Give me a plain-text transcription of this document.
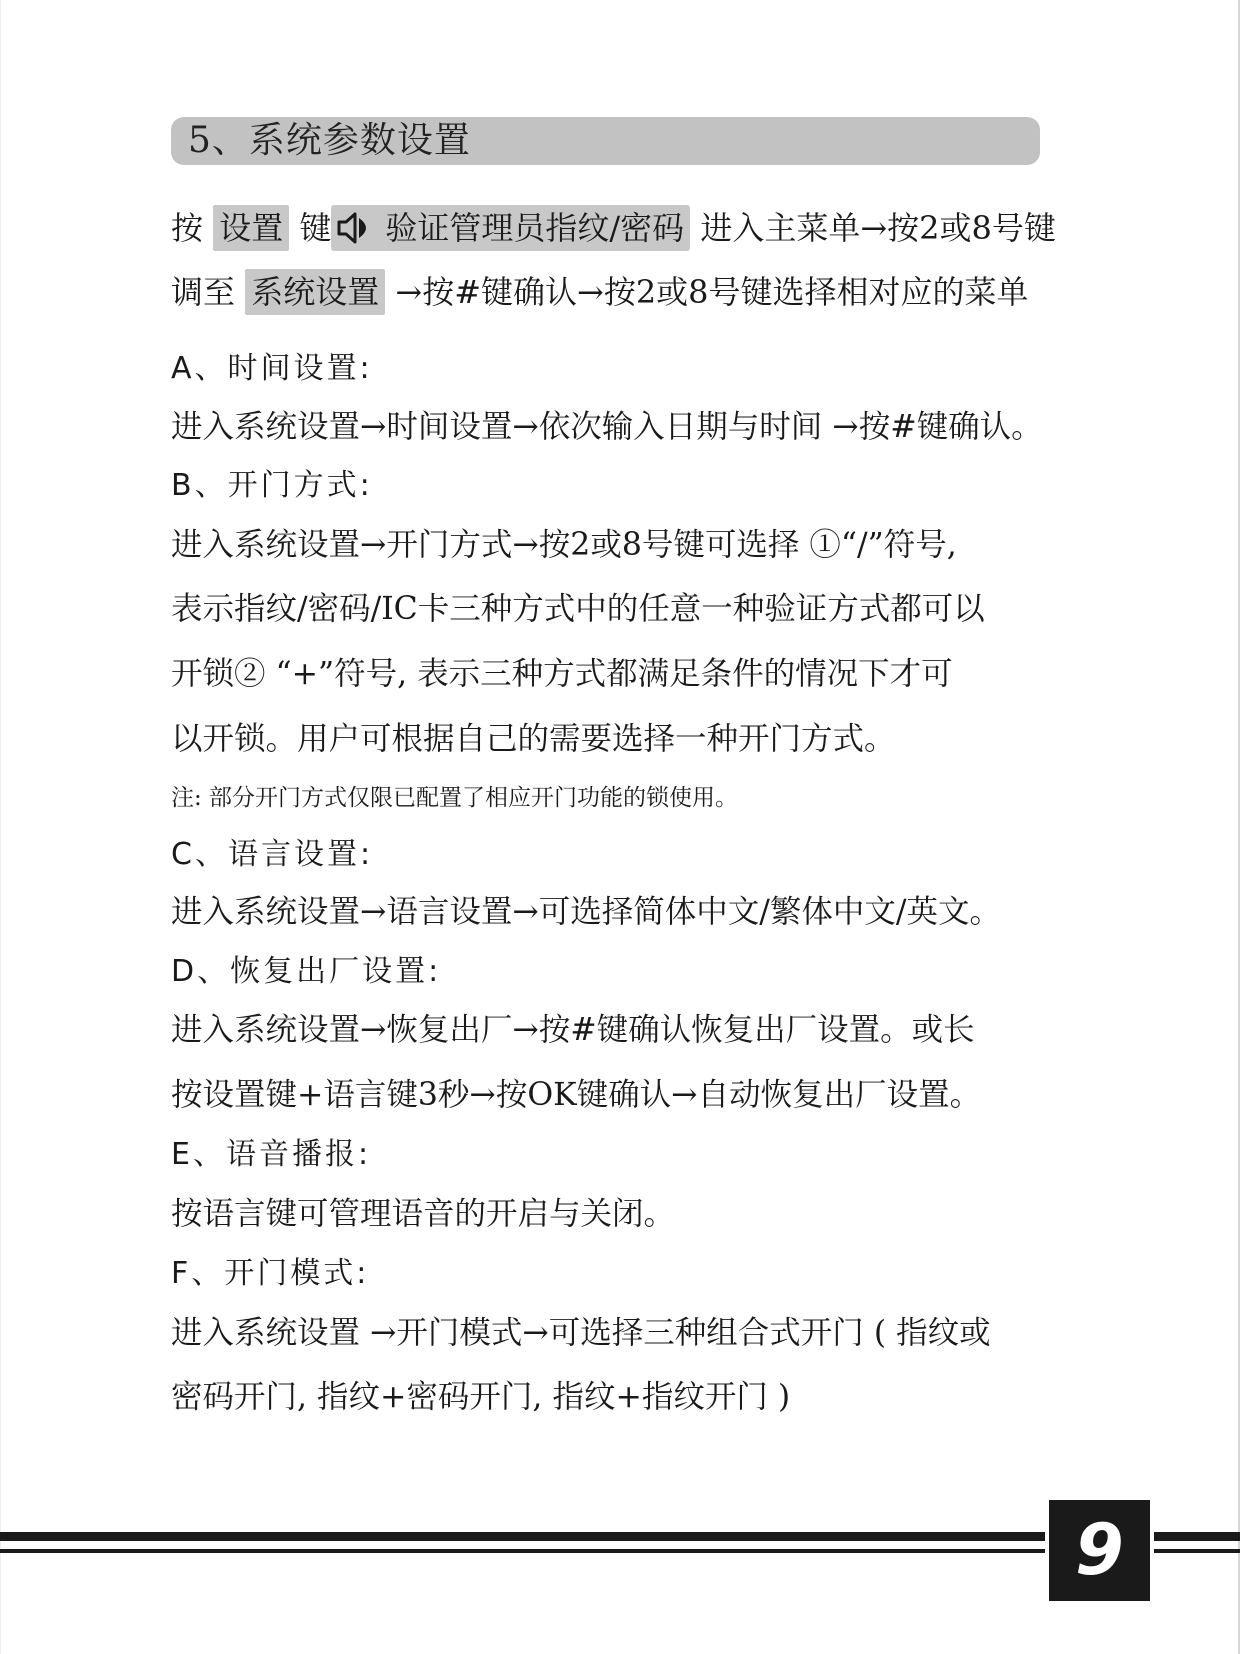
5、系统参数设置
按 设置 键 验证管理员指纹/密码 进入主菜单→按2或8号键
调至 系统设置 →按#键确认→按2或8号键选择相对应的菜单
A、时间设置:
进入系统设置→时间设置→依次输入日期与时间 →按#键确认。
B、开门方式:
进入系统设置→开门方式→按2或8号键可选择 ①“/”符号,
表示指纹/密码/IC卡三种方式中的任意一种验证方式都可以
开锁② “+”符号, 表示三种方式都满足条件的情况下才可
以开锁。用户可根据自己的需要选择一种开门方式。
注: 部分开门方式仅限已配置了相应开门功能的锁使用。
C、语言设置:
进入系统设置→语言设置→可选择简体中文/繁体中文/英文。
D、恢复出厂设置:
进入系统设置→恢复出厂→按#键确认恢复出厂设置。或长
按设置键+语言键3秒→按OK键确认→自动恢复出厂设置。
E、语音播报:
按语言键可管理语音的开启与关闭。
F、开门模式:
进入系统设置 →开门模式→可选择三种组合式开门 ( 指纹或
密码开门, 指纹+密码开门, 指纹+指纹开门 )
9
